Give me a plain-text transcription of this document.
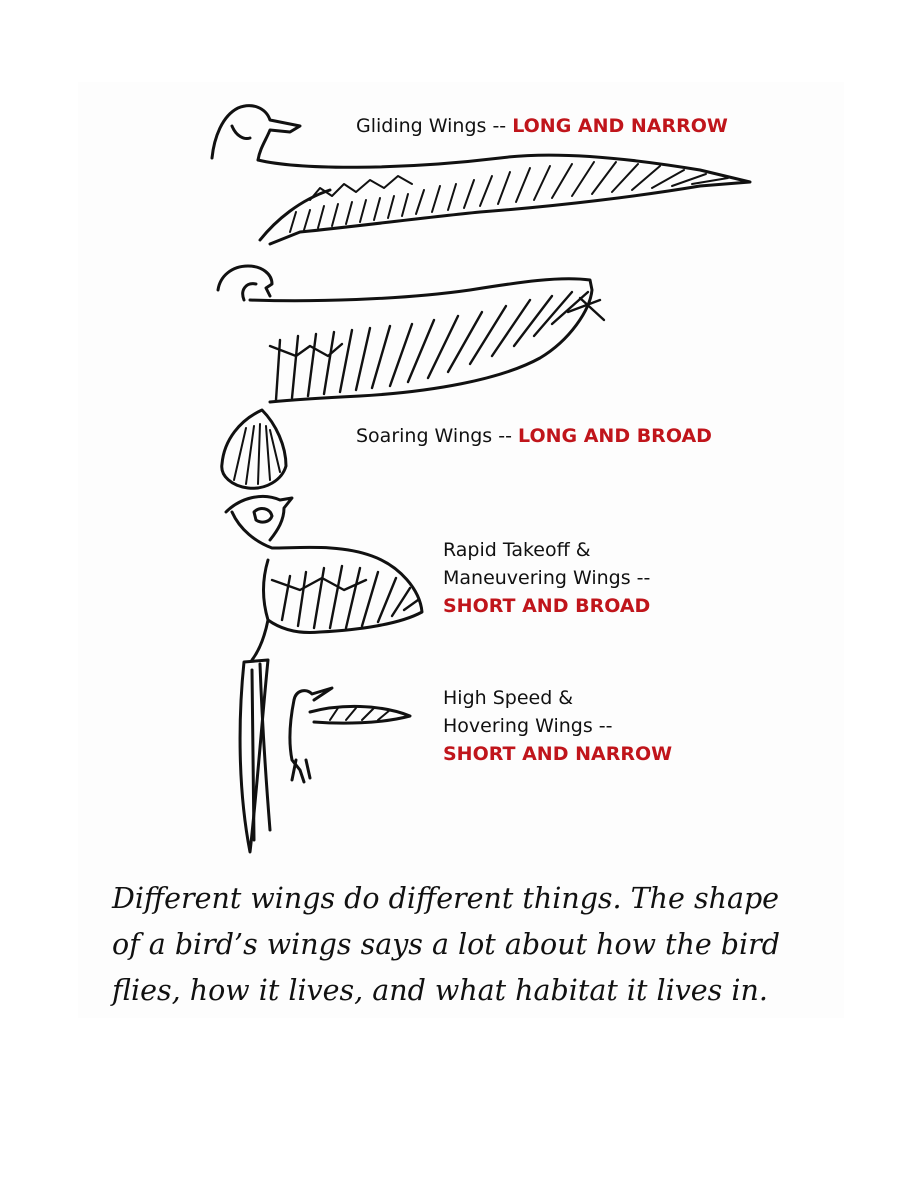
Gliding Wings -- LONG AND NARROW
Soaring Wings -- LONG AND BROAD
Rapid Takeoff &
Maneuvering Wings --
SHORT AND BROAD
High Speed &
Hovering Wings --
SHORT AND NARROW
Different wings do different things. The shape
of a bird’s wings says a lot about how the bird
flies, how it lives, and what habitat it lives in.
